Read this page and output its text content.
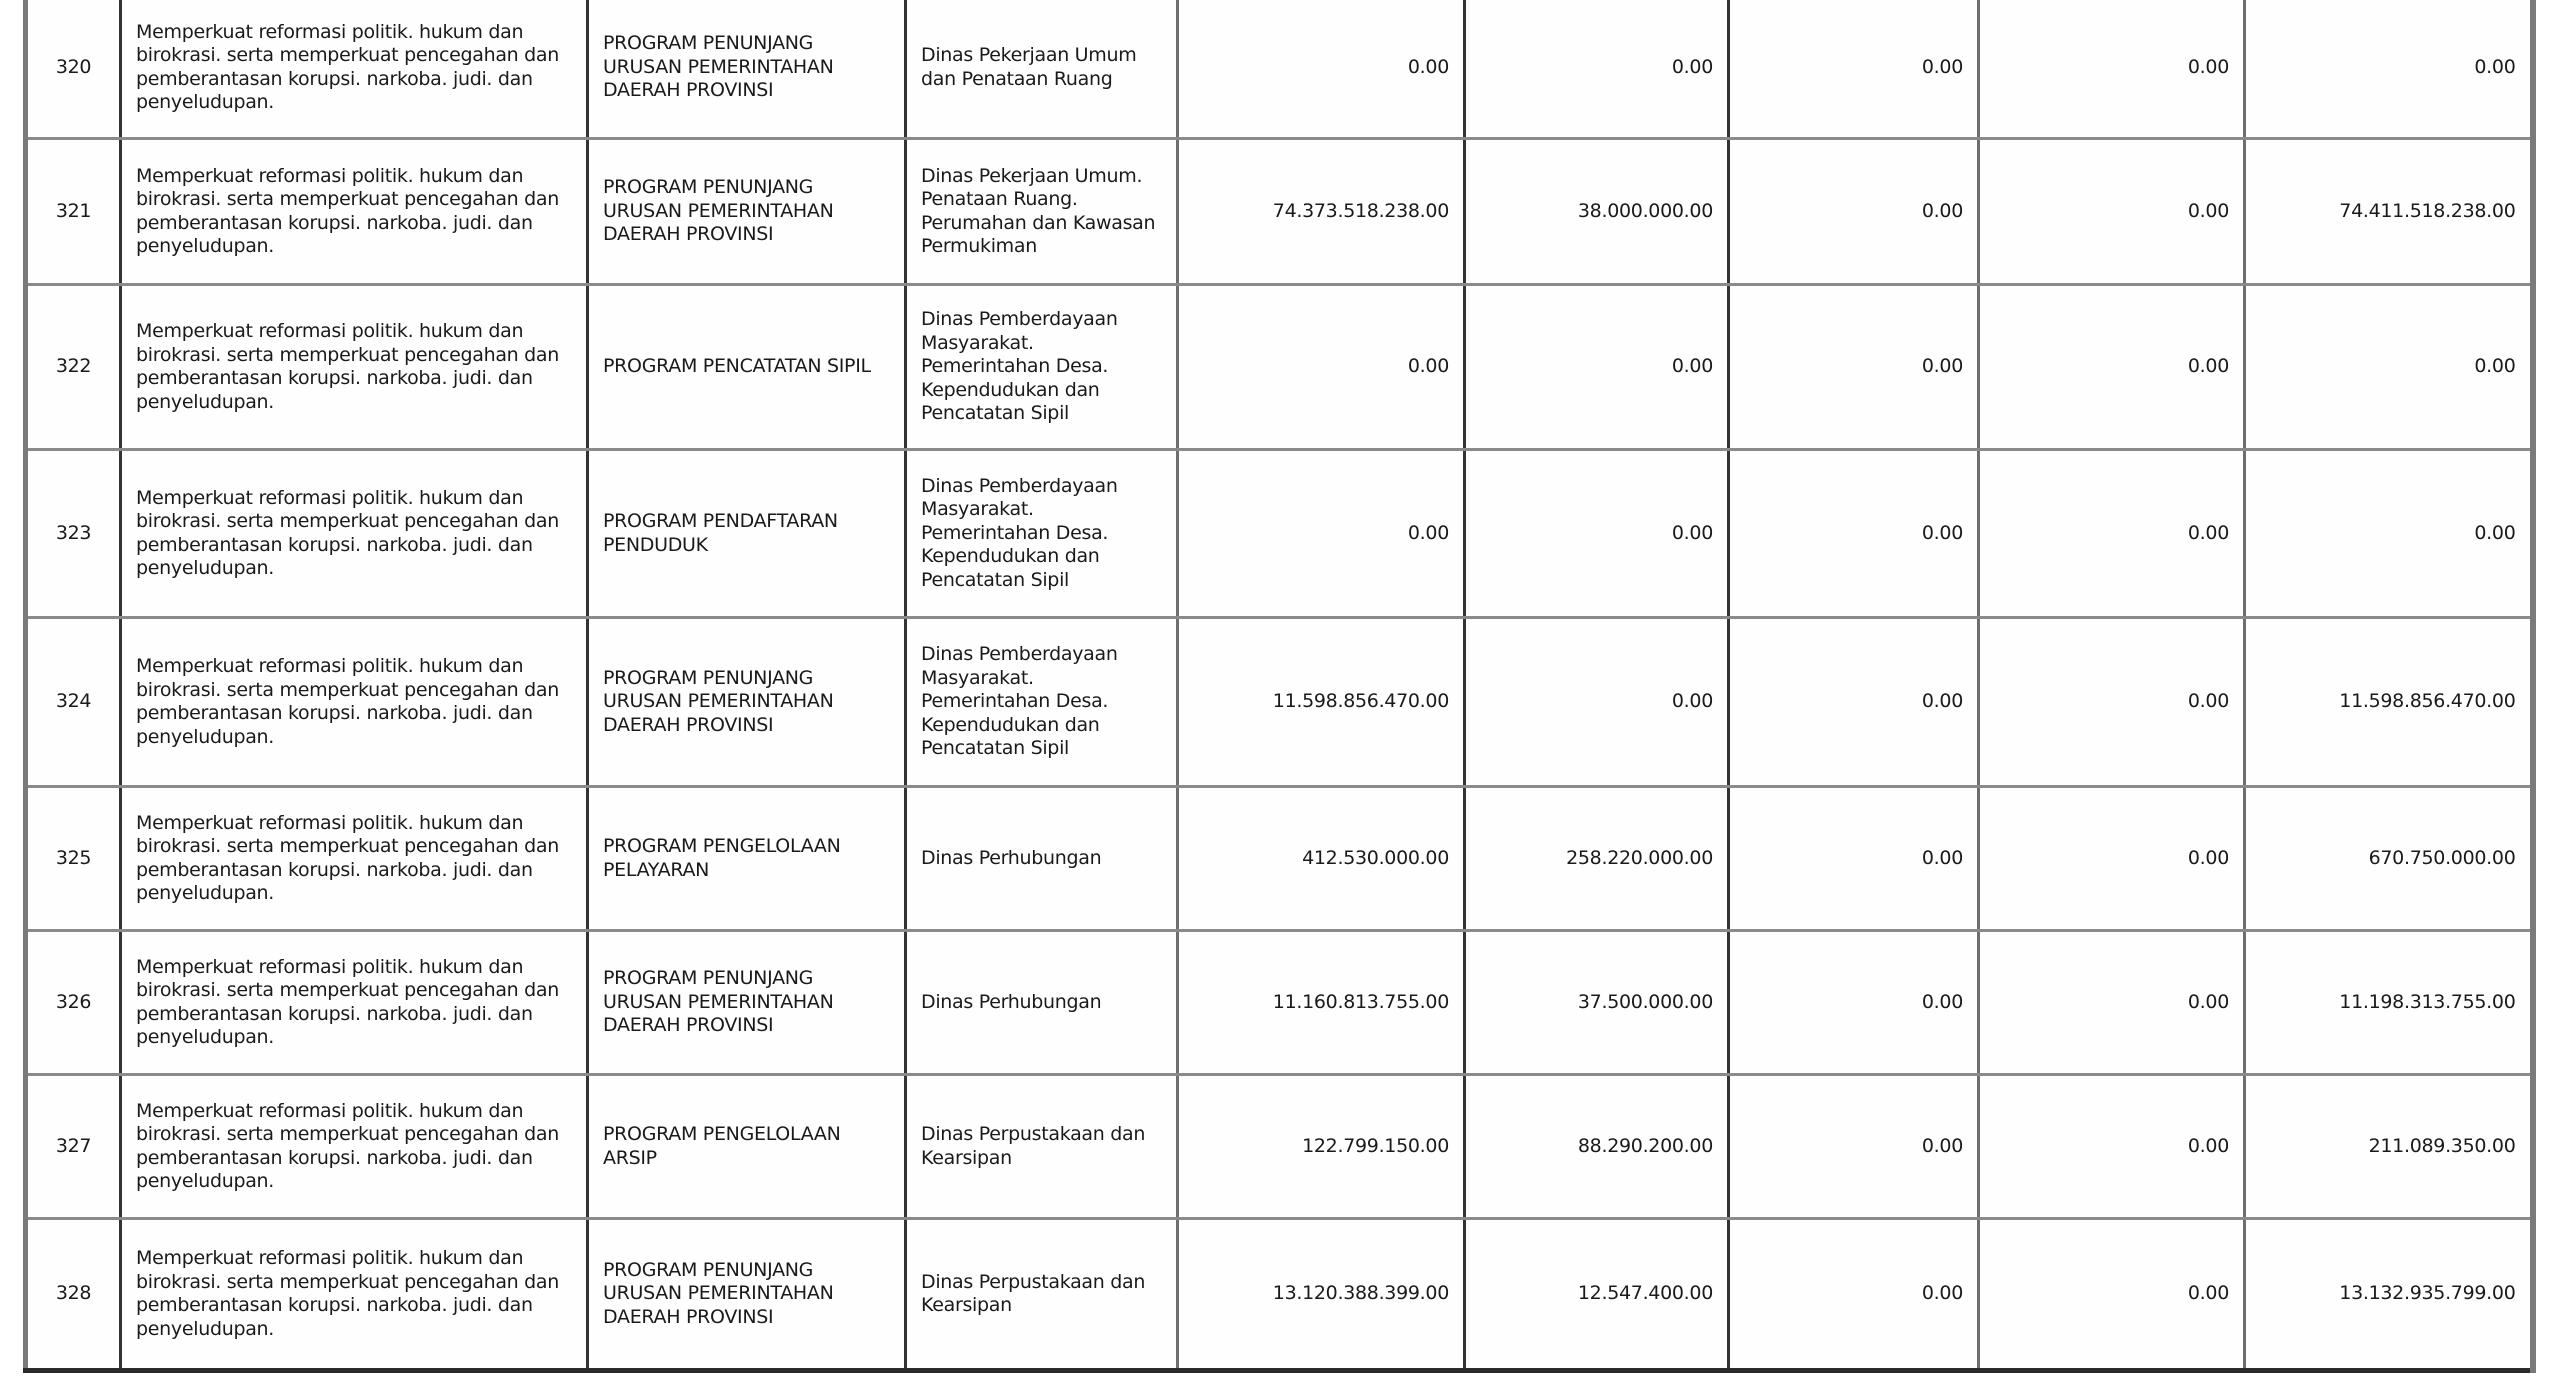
320	Memperkuat reformasi politik. hukum dan birokrasi. serta memperkuat pencegahan dan pemberantasan korupsi. narkoba. judi. dan penyeludupan.	PROGRAM PENUNJANG URUSAN PEMERINTAHAN DAERAH PROVINSI	Dinas Pekerjaan Umum dan Penataan Ruang	0.00	0.00	0.00	0.00	0.00
321	Memperkuat reformasi politik. hukum dan birokrasi. serta memperkuat pencegahan dan pemberantasan korupsi. narkoba. judi. dan penyeludupan.	PROGRAM PENUNJANG URUSAN PEMERINTAHAN DAERAH PROVINSI	Dinas Pekerjaan Umum. Penataan Ruang. Perumahan dan Kawasan Permukiman	74.373.518.238.00	38.000.000.00	0.00	0.00	74.411.518.238.00
322	Memperkuat reformasi politik. hukum dan birokrasi. serta memperkuat pencegahan dan pemberantasan korupsi. narkoba. judi. dan penyeludupan.	PROGRAM PENCATATAN SIPIL	Dinas Pemberdayaan Masyarakat. Pemerintahan Desa. Kependudukan dan Pencatatan Sipil	0.00	0.00	0.00	0.00	0.00
323	Memperkuat reformasi politik. hukum dan birokrasi. serta memperkuat pencegahan dan pemberantasan korupsi. narkoba. judi. dan penyeludupan.	PROGRAM PENDAFTARAN PENDUDUK	Dinas Pemberdayaan Masyarakat. Pemerintahan Desa. Kependudukan dan Pencatatan Sipil	0.00	0.00	0.00	0.00	0.00
324	Memperkuat reformasi politik. hukum dan birokrasi. serta memperkuat pencegahan dan pemberantasan korupsi. narkoba. judi. dan penyeludupan.	PROGRAM PENUNJANG URUSAN PEMERINTAHAN DAERAH PROVINSI	Dinas Pemberdayaan Masyarakat. Pemerintahan Desa. Kependudukan dan Pencatatan Sipil	11.598.856.470.00	0.00	0.00	0.00	11.598.856.470.00
325	Memperkuat reformasi politik. hukum dan birokrasi. serta memperkuat pencegahan dan pemberantasan korupsi. narkoba. judi. dan penyeludupan.	PROGRAM PENGELOLAAN PELAYARAN	Dinas Perhubungan	412.530.000.00	258.220.000.00	0.00	0.00	670.750.000.00
326	Memperkuat reformasi politik. hukum dan birokrasi. serta memperkuat pencegahan dan pemberantasan korupsi. narkoba. judi. dan penyeludupan.	PROGRAM PENUNJANG URUSAN PEMERINTAHAN DAERAH PROVINSI	Dinas Perhubungan	11.160.813.755.00	37.500.000.00	0.00	0.00	11.198.313.755.00
327	Memperkuat reformasi politik. hukum dan birokrasi. serta memperkuat pencegahan dan pemberantasan korupsi. narkoba. judi. dan penyeludupan.	PROGRAM PENGELOLAAN ARSIP	Dinas Perpustakaan dan Kearsipan	122.799.150.00	88.290.200.00	0.00	0.00	211.089.350.00
328	Memperkuat reformasi politik. hukum dan birokrasi. serta memperkuat pencegahan dan pemberantasan korupsi. narkoba. judi. dan penyeludupan.	PROGRAM PENUNJANG URUSAN PEMERINTAHAN DAERAH PROVINSI	Dinas Perpustakaan dan Kearsipan	13.120.388.399.00	12.547.400.00	0.00	0.00	13.132.935.799.00
